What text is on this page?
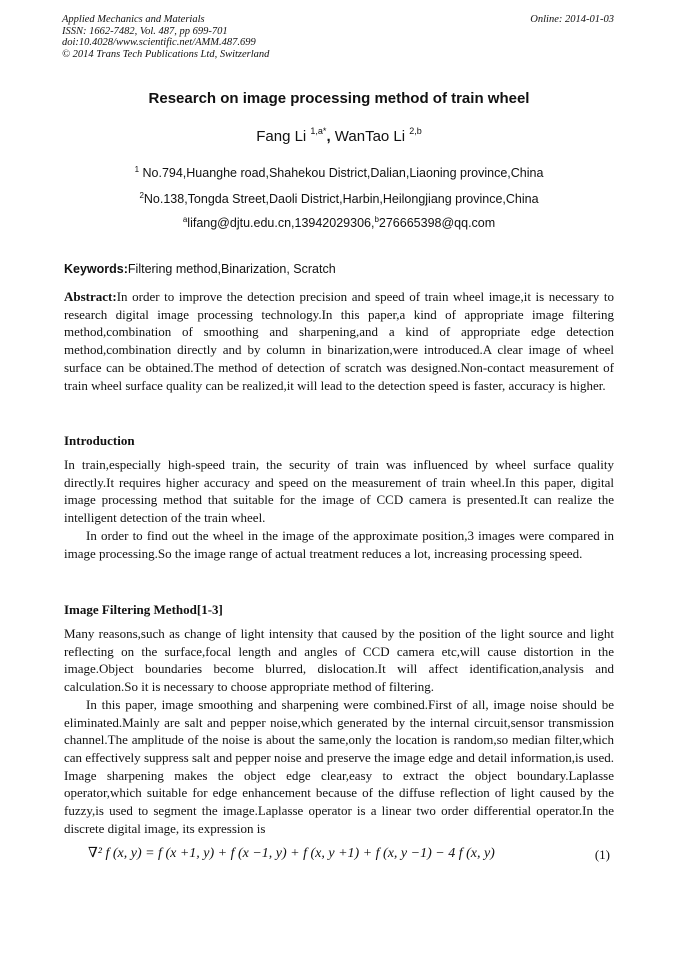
Applied Mechanics and Materials
ISSN: 1662-7482, Vol. 487, pp 699-701
doi:10.4028/www.scientific.net/AMM.487.699
© 2014 Trans Tech Publications Ltd, Switzerland
Online: 2014-01-03
Research on image processing method of train wheel
Fang Li $^{1,a*}$, WanTao Li $^{2,b}$
$^1$ No.794,Huanghe road,Shahekou District,Dalian,Liaoning province,China
$^2$No.138,Tongda Street,Daoli District,Harbin,Heilongjiang province,China
$^a$lifang@djtu.edu.cn,13942029306,$^b$276665398@qq.com
Keywords:Filtering method,Binarization, Scratch

Abstract:In order to improve the detection precision and speed of train wheel image,it is necessary to research digital image processing technology.In this paper,a kind of appropriate image filtering method,combination of smoothing and sharpening,and a kind of appropriate edge detection method,combination directly and by column in binarization,were introduced.A clear image of wheel surface can be obtained.The method of detection of scratch was designed.Non-contact measurement of train wheel surface quality can be realized,it will lead to the detection speed is faster, accuracy is higher.

Introduction

In train,especially high-speed train, the security of train was influenced by wheel surface quality directly.It requires higher accuracy and speed on the measurement of train wheel.In this paper, digital image processing method that suitable for the image of CCD camera is presented.It can realize the intelligent detection of the train wheel.

In order to find out the wheel in the image of the approximate position,3 images were compared in image processing.So the image range of actual treatment reduces a lot, increasing processing speed.

Image Filtering Method[1-3]

Many reasons,such as change of light intensity that caused by the position of the light source and light reflecting on the surface,focal length and angles of CCD camera etc,will cause distortion in the image.Object boundaries become blurred, dislocation.It will affect identification,analysis and calculation.So it is necessary to choose appropriate method of filtering.

In this paper, image smoothing and sharpening were combined.First of all, image noise should be eliminated.Mainly are salt and pepper noise,which generated by the internal circuit,sensor transmission channel.The amplitude of the noise is about the same,only the location is random,so median filter,which can effectively suppress salt and pepper noise and preserve the image edge and detail information,is used. Image sharpening makes the object edge clear,easy to extract the object boundary.Laplasse operator,which suitable for edge enhancement because of the diffuse reflection of light caused by the fuzzy,is used to segment the image.Laplasse operator is a linear two order differential operator.In the discrete digital image, its expression is

∇² f (x, y) = f (x +1, y) + f (x −1, y) + f (x, y +1) + f (x, y −1) − 4 f (x, y)	(1)
